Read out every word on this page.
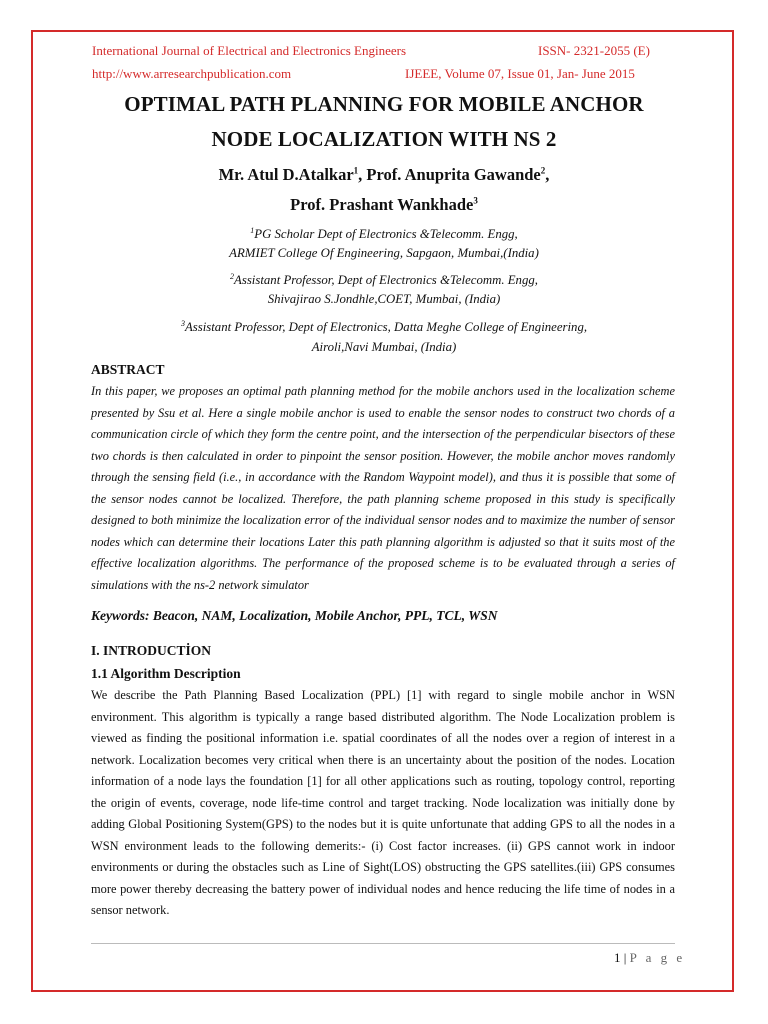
International Journal of Electrical and Electronics Engineers	ISSN- 2321-2055 (E)
http://www.arresearchpublication.com	IJEEE, Volume 07, Issue 01, Jan- June 2015
OPTIMAL PATH PLANNING FOR MOBILE ANCHOR
NODE LOCALIZATION WITH NS 2
Mr. Atul D.Atalkar$^1$, Prof. Anuprita Gawande$^2$,
Prof. Prashant Wankhade$^3$
$^1$PG Scholar Dept of Electronics &Telecomm. Engg,
ARMIET College Of Engineering, Sapgaon, Mumbai,(India)
$^2$Assistant Professor, Dept of Electronics &Telecomm. Engg,
Shivajirao S.Jondhle,COET, Mumbai, (India)
$^3$Assistant Professor, Dept of Electronics, Datta Meghe College of Engineering,
Airoli,Navi Mumbai, (India)
ABSTRACT
In this paper, we proposes an optimal path planning method for the mobile anchors used in the localization scheme presented by Ssu et al. Here a single mobile anchor is used to enable the sensor nodes to construct two chords of a communication circle of which they form the centre point, and the intersection of the perpendicular bisectors of these two chords is then calculated in order to pinpoint the sensor position. However, the mobile anchor moves randomly through the sensing field (i.e., in accordance with the Random Waypoint model), and thus it is possible that some of the sensor nodes cannot be localized. Therefore, the path planning scheme proposed in this study is specifically designed to both minimize the localization error of the individual sensor nodes and to maximize the number of sensor nodes which can determine their locations Later this path planning algorithm is adjusted so that it suits most of the effective localization algorithms. The performance of the proposed scheme is to be evaluated through a series of simulations with the ns-2 network simulator
Keywords: Beacon, NAM, Localization, Mobile Anchor, PPL, TCL, WSN
I. INTRODUCTİON
1.1 Algorithm Description
We describe the Path Planning Based Localization (PPL) [1] with regard to single mobile anchor in WSN environment. This algorithm is typically a range based distributed algorithm. The Node Localization problem is viewed as finding the positional information i.e. spatial coordinates of all the nodes over a region of interest in a network. Localization becomes very critical when there is an uncertainty about the position of the nodes. Location information of a node lays the foundation [1] for all other applications such as routing, topology control, reporting the origin of events, coverage, node life-time control and target tracking. Node localization was initially done by adding Global Positioning System(GPS) to the nodes but it is quite unfortunate that adding GPS to all the nodes in a WSN environment leads to the following demerits:- (i) Cost factor increases. (ii) GPS cannot work in indoor environments or during the obstacles such as Line of Sight(LOS) obstructing the GPS satellites.(iii) GPS consumes more power thereby decreasing the battery power of individual nodes and hence reducing the life time of nodes in a sensor network.
1 | P a g e
